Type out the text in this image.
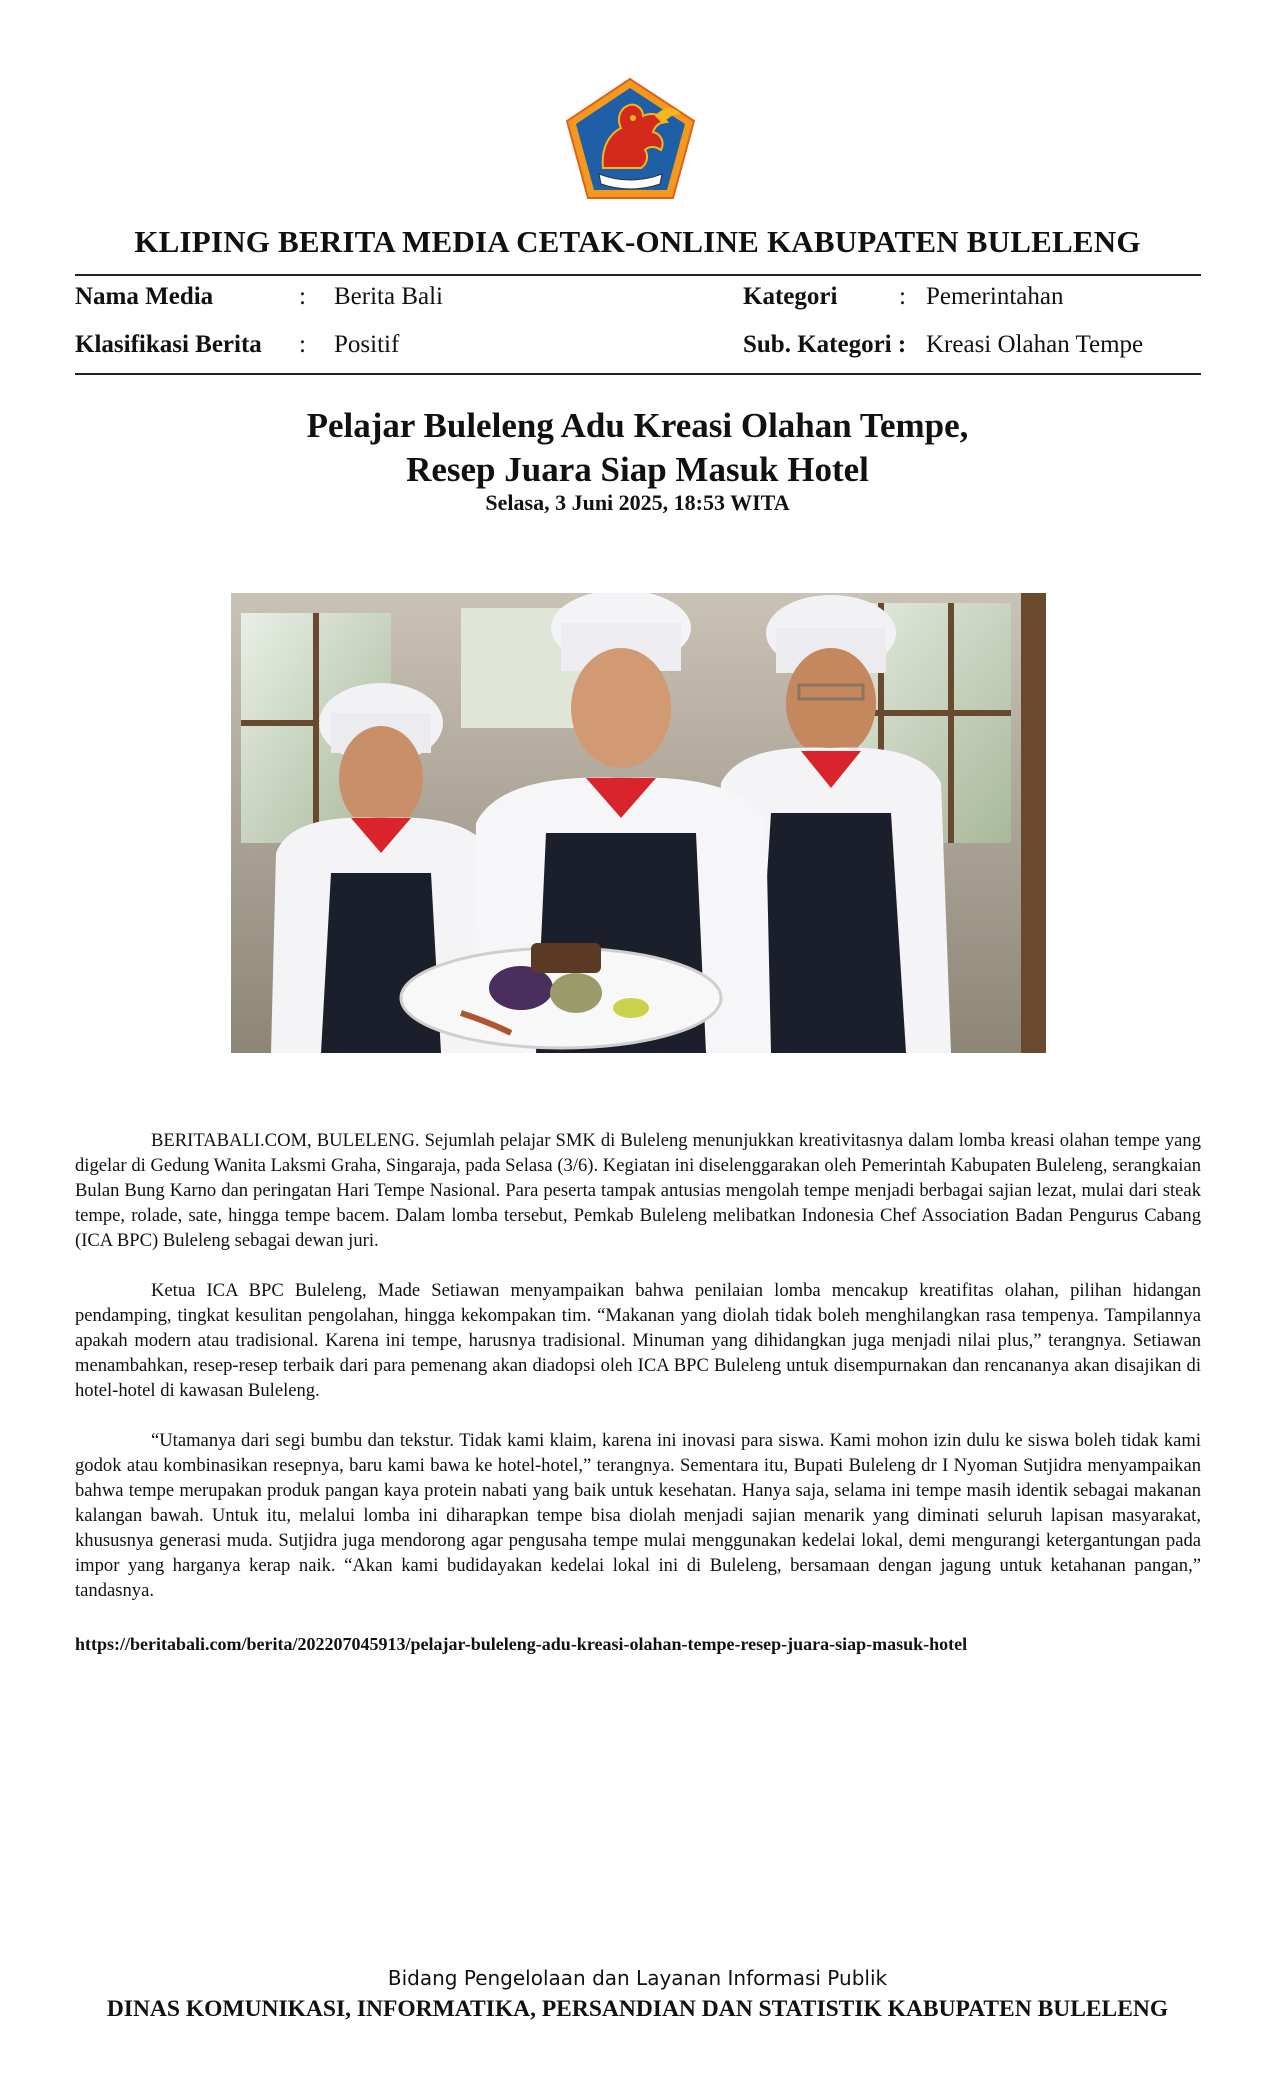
KLIPING BERITA MEDIA CETAK-ONLINE KABUPATEN BULELENG
Nama Media	: Berita Bali
Klasifikasi Berita : Positif
Kategori : Pemerintahan
Sub. Kategori : Kreasi Olahan Tempe
Pelajar Buleleng Adu Kreasi Olahan Tempe,
Resep Juara Siap Masuk Hotel
Selasa, 3 Juni 2025, 18:53 WITA

BERITABALI.COM, BULELENG. Sejumlah pelajar SMK di Buleleng menunjukkan kreativitasnya dalam lomba kreasi olahan tempe yang digelar di Gedung Wanita Laksmi Graha, Singaraja, pada Selasa (3/6). Kegiatan ini diselenggarakan oleh Pemerintah Kabupaten Buleleng, serangkaian Bulan Bung Karno dan peringatan Hari Tempe Nasional. Para peserta tampak antusias mengolah tempe menjadi berbagai sajian lezat, mulai dari steak tempe, rolade, sate, hingga tempe bacem. Dalam lomba tersebut, Pemkab Buleleng melibatkan Indonesia Chef Association Badan Pengurus Cabang (ICA BPC) Buleleng sebagai dewan juri.

Ketua ICA BPC Buleleng, Made Setiawan menyampaikan bahwa penilaian lomba mencakup kreatifitas olahan, pilihan hidangan pendamping, tingkat kesulitan pengolahan, hingga kekompakan tim. “Makanan yang diolah tidak boleh menghilangkan rasa tempenya. Tampilannya apakah modern atau tradisional. Karena ini tempe, harusnya tradisional. Minuman yang dihidangkan juga menjadi nilai plus,” terangnya. Setiawan menambahkan, resep-resep terbaik dari para pemenang akan diadopsi oleh ICA BPC Buleleng untuk disempurnakan dan rencananya akan disajikan di hotel-hotel di kawasan Buleleng.

“Utamanya dari segi bumbu dan tekstur. Tidak kami klaim, karena ini inovasi para siswa. Kami mohon izin dulu ke siswa boleh tidak kami godok atau kombinasikan resepnya, baru kami bawa ke hotel-hotel,” terangnya. Sementara itu, Bupati Buleleng dr I Nyoman Sutjidra menyampaikan bahwa tempe merupakan produk pangan kaya protein nabati yang baik untuk kesehatan. Hanya saja, selama ini tempe masih identik sebagai makanan kalangan bawah. Untuk itu, melalui lomba ini diharapkan tempe bisa diolah menjadi sajian menarik yang diminati seluruh lapisan masyarakat, khususnya generasi muda. Sutjidra juga mendorong agar pengusaha tempe mulai menggunakan kedelai lokal, demi mengurangi ketergantungan pada impor yang harganya kerap naik. “Akan kami budidayakan kedelai lokal ini di Buleleng, bersamaan dengan jagung untuk ketahanan pangan,” tandasnya.

https://beritabali.com/berita/202207045913/pelajar-buleleng-adu-kreasi-olahan-tempe-resep-juara-siap-masuk-hotel
Bidang Pengelolaan dan Layanan Informasi Publik
DINAS KOMUNIKASI, INFORMATIKA, PERSANDIAN DAN STATISTIK KABUPATEN BULELENG
